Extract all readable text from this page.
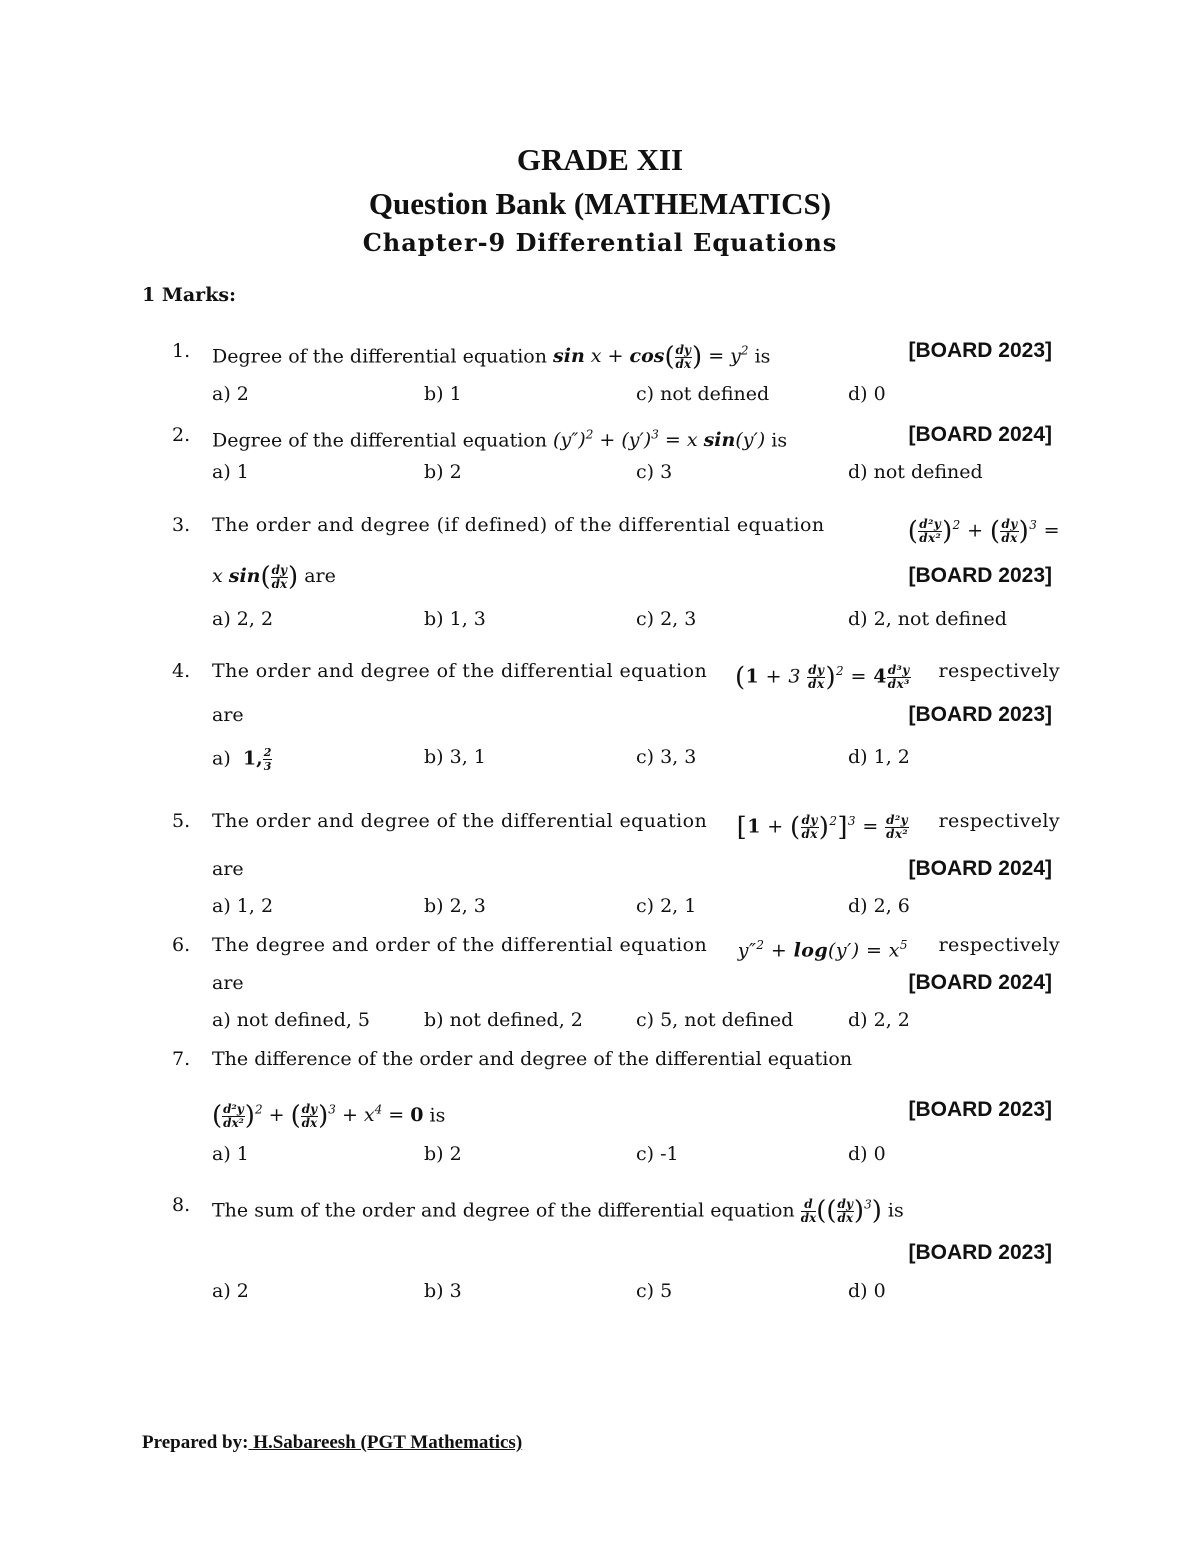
GRADE XII
Question Bank (MATHEMATICS)
Chapter-9 Differential Equations
1 Marks:
1. Degree of the differential equation $\sin x + \cos( \frac{dy}{dx}$ ) = $y^2$ is	[BOARD 2023]
a) 2	b) 1	c) not defined	d) 0
2. Degree of the differential equation $(y'')^2 + (y')^3 = x$ sin(y′) is	[BOARD 2024]
a) 1	b) 2	c) 3	d) not defined
3. The order and degree (if defined) of the differential equation	( $\frac{\text{d²y}}{\text{dx²}} )^2$ + ( $\frac{dy}{dx} )^3$ =
x $\sin( \frac{dy}{dx}$ ) are	[BOARD 2023]
a) 2, 2	b) 1, 3	c) 2, 3	d) 2, not defined
4. The order and degree of the differential equation $(1 + 3 \frac{dy}{dx} )^2 = 4 \frac{\text{d³y}}{\text{dx³}}$ respectively
are	[BOARD 2023]
a) 1, $\frac{2}{3}$	b) 3, 1	c) 3, 3	d) 1, 2
5. The order and degree of the differential equation [1 + ( $\frac{dy}{dx} )^2]^3 = \frac{\text{d²y}}{\text{dx²}}$ respectively
are	[BOARD 2024]
a) 1, 2	b) 2, 3	c) 2, 1	d) 2, 6
6. The degree and order of the differential equation $y''^2 + \log(y') = x^5$ respectively
are	[BOARD 2024]
a) not defined, 5	b) not defined, 2	c) 5, not defined	d) 2, 2
7. The difference of the order and degree of the differential equation
( $\frac{\text{d²y}}{\text{dx²}} )^2$ + ( $\frac{dy}{dx} )^3 + x^4 = 0$ is	[BOARD 2023]
a) 1	b) 2	c) -1	d) 0
8. The sum of the order and degree of the differential equation $\frac{d}{dx}$ (( $\frac{dy}{dx} )^3$) is
[BOARD 2023]
a) 2	b) 3	c) 5	d) 0
Prepared by: H.Sabareesh (PGT Mathematics)
